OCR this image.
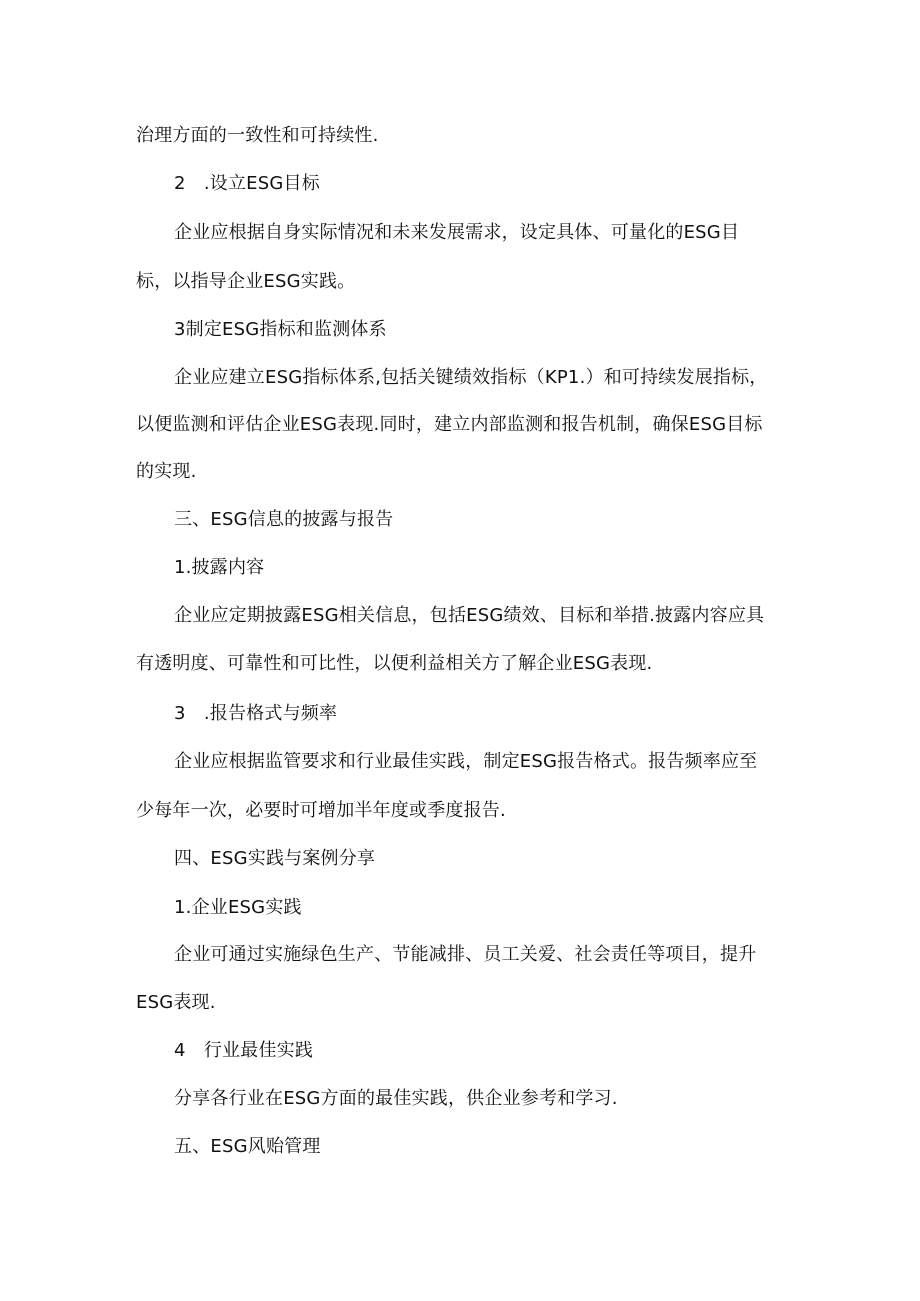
治理方面的一致性和可持续性.
2　.设立ESG目标
企业应根据自身实际情况和未来发展需求，设定具体、可量化的ESG目
标，以指导企业ESG实践。
3制定ESG指标和监测体系
企业应建立ESG指标体系,包括关键绩效指标（KP1.）和可持续发展指标，
以便监测和评估企业ESG表现.同时，建立内部监测和报告机制，确保ESG目标
的实现.
三、ESG信息的披露与报告
1.披露内容
企业应定期披露ESG相关信息，包括ESG绩效、目标和举措.披露内容应具
有透明度、可靠性和可比性，以便利益相关方了解企业ESG表现.
3　.报告格式与频率
企业应根据监管要求和行业最佳实践，制定ESG报告格式。报告频率应至
少每年一次，必要时可增加半年度或季度报告.
四、ESG实践与案例分享
1.企业ESG实践
企业可通过实施绿色生产、节能减排、员工关爱、社会责任等项目，提升
ESG表现.
4　行业最佳实践
分享各行业在ESG方面的最佳实践，供企业参考和学习.
五、ESG风贻管理
